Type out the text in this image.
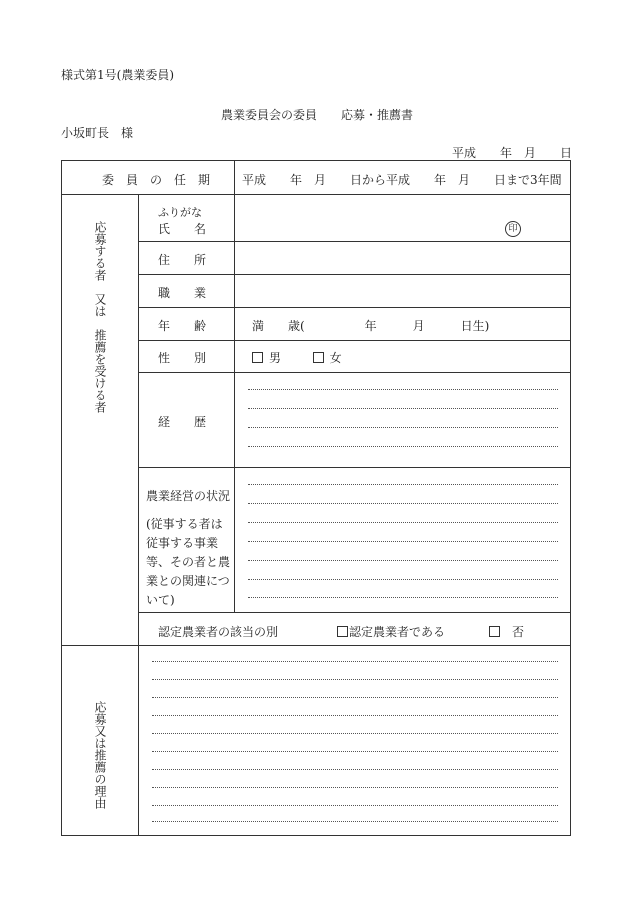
様式第1号(農業委員)
農業委員会の委員　　応募・推薦書
小坂町長　様
平成　　年　月　　日
委　員　の　任　期	平成　　年　月　　日から平成　　年　月　　日まで3年間
応募する者　又は　推薦を受ける者
ふりがな
氏　　名	印
住　　所
職　　業
年　　齢	満　　歳(　　　　　年　　　月　　　日生)
性　　別	男	女
経　　歴
農業経営の状況
(従事する者は従事する事業等、その者と農業との関連について)
認定農業者の該当の別	認定農業者である	否
応募又は推薦の理由
